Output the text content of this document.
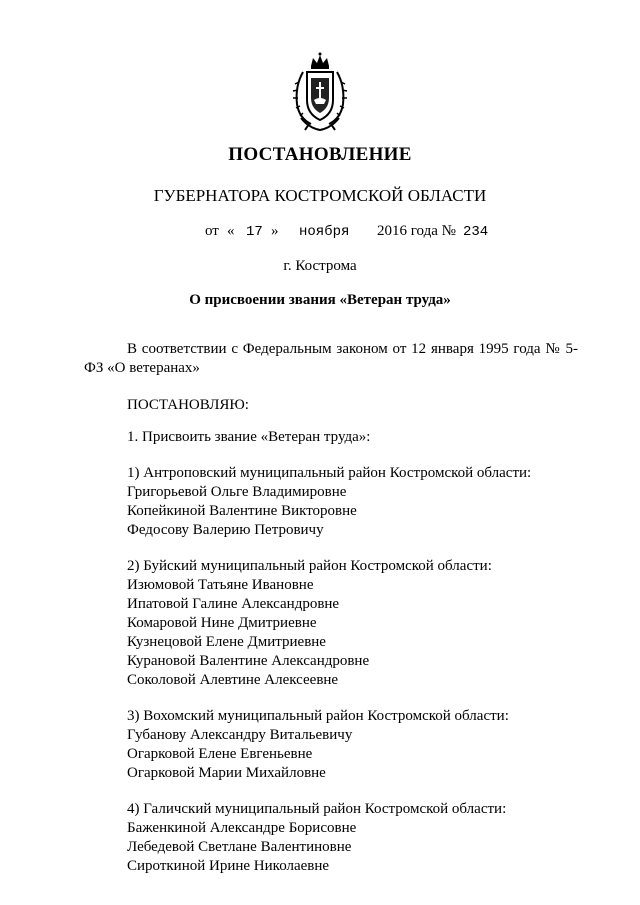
ПОСТАНОВЛЕНИЕ
ГУБЕРНАТОРА КОСТРОМСКОЙ ОБЛАСТИ
от « 17 » ноября 2016 года № 234
г. Кострома
О присвоении звания «Ветеран труда»
В соответствии с Федеральным законом от 12 января 1995 года № 5-ФЗ «О ветеранах»
ПОСТАНОВЛЯЮ:
1. Присвоить звание «Ветеран труда»:
1) Антроповский муниципальный район Костромской области:
Григорьевой Ольге Владимировне
Копейкиной Валентине Викторовне
Федосову Валерию Петровичу
2) Буйский муниципальный район Костромской области:
Изюмовой Татьяне Ивановне
Ипатовой Галине Александровне
Комаровой Нине Дмитриевне
Кузнецовой Елене Дмитриевне
Курановой Валентине Александровне
Соколовой Алевтине Алексеевне
3) Вохомский муниципальный район Костромской области:
Губанову Александру Витальевичу
Огарковой Елене Евгеньевне
Огарковой Марии Михайловне
4) Галичский муниципальный район Костромской области:
Баженкиной Александре Борисовне
Лебедевой Светлане Валентиновне
Сироткиной Ирине Николаевне
